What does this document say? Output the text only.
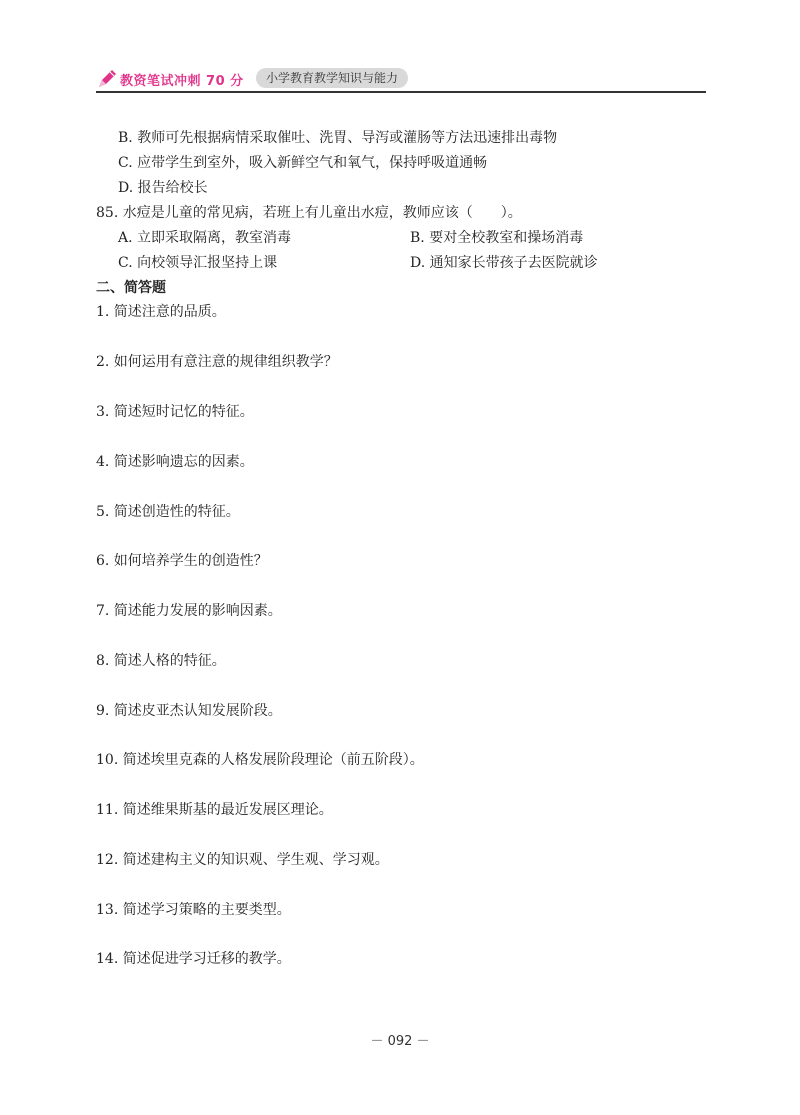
教资笔试冲刺 70 分	小学教育教学知识与能力
B. 教师可先根据病情采取催吐、洗胃、导泻或灌肠等方法迅速排出毒物
C. 应带学生到室外，吸入新鲜空气和氧气，保持呼吸道通畅
D. 报告给校长
85. 水痘是儿童的常见病，若班上有儿童出水痘，教师应该（　　）。
A. 立即采取隔离，教室消毒	B. 要对全校教室和操场消毒
C. 向校领导汇报坚持上课	D. 通知家长带孩子去医院就诊
二、简答题
1. 简述注意的品质。
2. 如何运用有意注意的规律组织教学？
3. 简述短时记忆的特征。
4. 简述影响遗忘的因素。
5. 简述创造性的特征。
6. 如何培养学生的创造性？
7. 简述能力发展的影响因素。
8. 简述人格的特征。
9. 简述皮亚杰认知发展阶段。
10. 简述埃里克森的人格发展阶段理论（前五阶段）。
11. 简述维果斯基的最近发展区理论。
12. 简述建构主义的知识观、学生观、学习观。
13. 简述学习策略的主要类型。
14. 简述促进学习迁移的教学。
－ 092 －
